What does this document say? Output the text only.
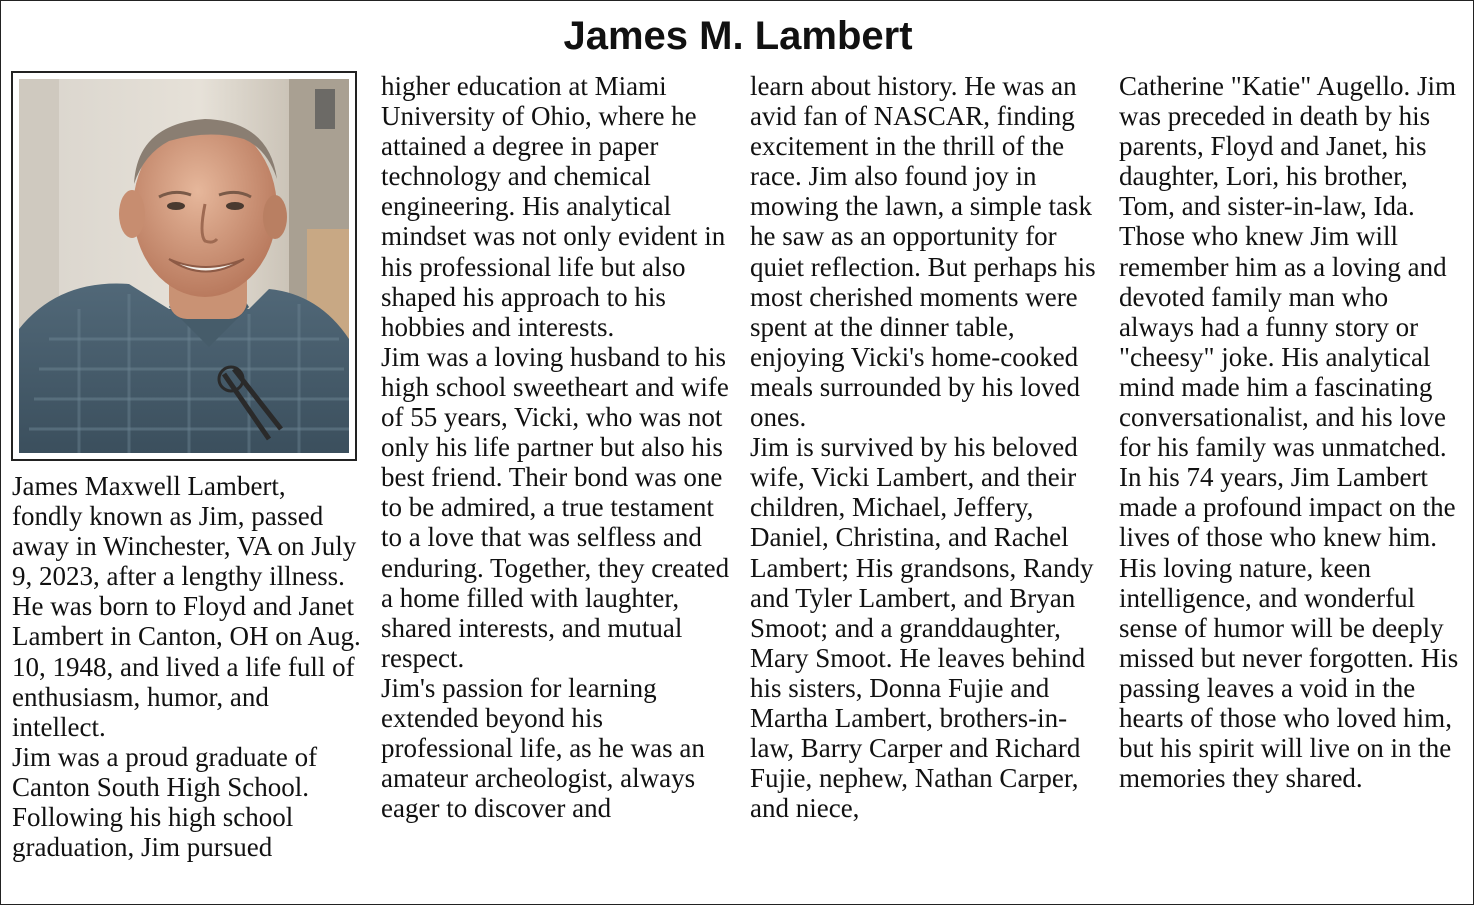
James M. Lambert

James Maxwell Lambert, fondly known as Jim, passed away in Winchester, VA on July 9, 2023, after a lengthy illness. He was born to Floyd and Janet Lambert in Canton, OH on Aug. 10, 1948, and lived a life full of enthusiasm, humor, and intellect.

Jim was a proud graduate of Canton South High School. Following his high school graduation, Jim pursued

higher education at Miami University of Ohio, where he attained a degree in paper technology and chemical engineering. His analytical mindset was not only evident in his professional life but also shaped his approach to his hobbies and interests.

Jim was a loving husband to his high school sweetheart and wife of 55 years, Vicki, who was not only his life partner but also his best friend. Their bond was one to be admired, a true testament to a love that was selfless and enduring. Together, they created a home filled with laughter, shared interests, and mutual respect.

Jim's passion for learning extended beyond his professional life, as he was an amateur archeologist, always eager to discover and

learn about history. He was an avid fan of NASCAR, finding excitement in the thrill of the race. Jim also found joy in mowing the lawn, a simple task he saw as an opportunity for quiet reflection. But perhaps his most cherished moments were spent at the dinner table, enjoying Vicki's home-cooked meals surrounded by his loved ones.

Jim is survived by his beloved wife, Vicki Lambert, and their children, Michael, Jeffery, Daniel, Christina, and Rachel Lambert; His grandsons, Randy and Tyler Lambert, and Bryan Smoot; and a granddaughter, Mary Smoot. He leaves behind his sisters, Donna Fujie and Martha Lambert, brothers-in-law, Barry Carper and Richard Fujie, nephew, Nathan Carper, and niece,

Catherine "Katie" Augello. Jim was preceded in death by his parents, Floyd and Janet, his daughter, Lori, his brother, Tom, and sister-in-law, Ida.

Those who knew Jim will remember him as a loving and devoted family man who always had a funny story or "cheesy" joke. His analytical mind made him a fascinating conversationalist, and his love for his family was unmatched.

In his 74 years, Jim Lambert made a profound impact on the lives of those who knew him. His loving nature, keen intelligence, and wonderful sense of humor will be deeply missed but never forgotten. His passing leaves a void in the hearts of those who loved him, but his spirit will live on in the memories they shared.
